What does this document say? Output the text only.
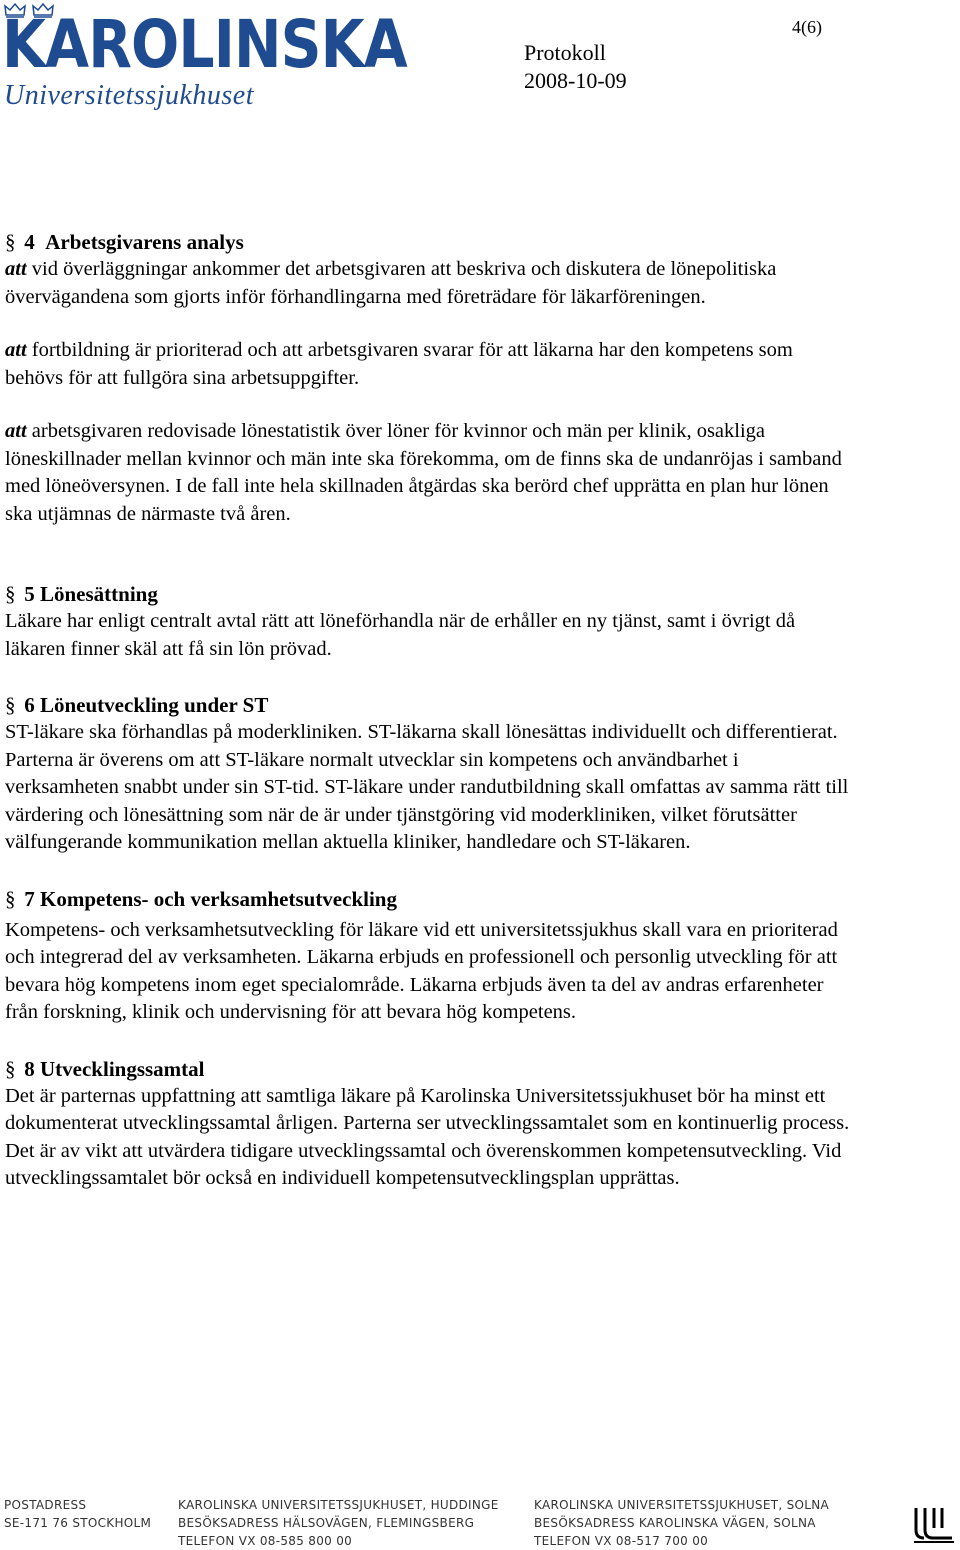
KAROLINSKA
Universitetssjukhuset
Protokoll
2008-10-09
4(6)
§ 4 Arbetsgivarens analys

att vid överläggningar ankommer det arbetsgivaren att beskriva och diskutera de lönepolitiska övervägandena som gjorts inför förhandlingarna med företrädare för läkarföreningen.

att fortbildning är prioriterad och att arbetsgivaren svarar för att läkarna har den kompetens som behövs för att fullgöra sina arbetsuppgifter.

att arbetsgivaren redovisade lönestatistik över löner för kvinnor och män per klinik, osakliga löneskillnader mellan kvinnor och män inte ska förekomma, om de finns ska de undanröjas i samband med löneöversynen. I de fall inte hela skillnaden åtgärdas ska berörd chef upprätta en plan hur lönen ska utjämnas de närmaste två åren.

§ 5 Lönesättning

Läkare har enligt centralt avtal rätt att löneförhandla när de erhåller en ny tjänst, samt i övrigt då läkaren finner skäl att få sin lön prövad.

§ 6 Löneutveckling under ST

ST-läkare ska förhandlas på moderkliniken. ST-läkarna skall lönesättas individuellt och differentierat. Parterna är överens om att ST-läkare normalt utvecklar sin kompetens och användbarhet i verksamheten snabbt under sin ST-tid. ST-läkare under randutbildning skall omfattas av samma rätt till värdering och lönesättning som när de är under tjänstgöring vid moderkliniken, vilket förutsätter välfungerande kommunikation mellan aktuella kliniker, handledare och ST-läkaren.

§ 7 Kompetens- och verksamhetsutveckling

Kompetens- och verksamhetsutveckling för läkare vid ett universitetssjukhus skall vara en prioriterad och integrerad del av verksamheten. Läkarna erbjuds en professionell och personlig utveckling för att bevara hög kompetens inom eget specialområde. Läkarna erbjuds även ta del av andras erfarenheter från forskning, klinik och undervisning för att bevara hög kompetens.

§ 8 Utvecklingssamtal

Det är parternas uppfattning att samtliga läkare på Karolinska Universitetssjukhuset bör ha minst ett dokumenterat utvecklingssamtal årligen. Parterna ser utvecklingssamtalet som en kontinuerlig process. Det är av vikt att utvärdera tidigare utvecklingssamtal och överenskommen kompetensutveckling. Vid utvecklingssamtalet bör också en individuell kompetensutvecklingsplan upprättas.

POSTADRESS
SE-171 76 STOCKHOLM
KAROLINSKA UNIVERSITETSSJUKHUSET, HUDDINGE
BESÖKSADRESS HÄLSOVÄGEN, FLEMINGSBERG
TELEFON VX 08-585 800 00
KAROLINSKA UNIVERSITETSSJUKHUSET, SOLNA
BESÖKSADRESS KAROLINSKA VÄGEN, SOLNA
TELEFON VX 08-517 700 00
